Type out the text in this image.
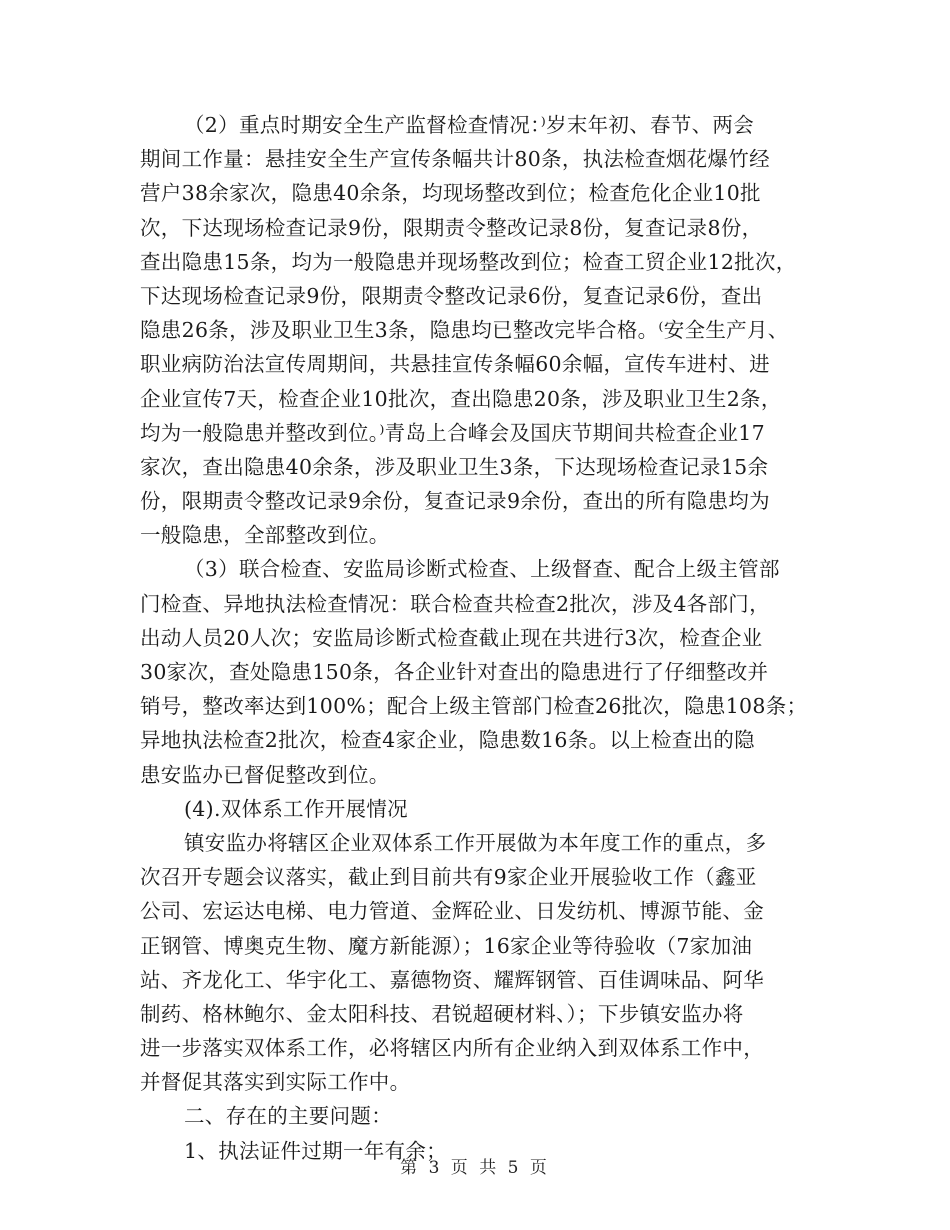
（2）重点时期安全生产监督检查情况：⁾岁末年初、春节、两会
期间工作量：悬挂安全生产宣传条幅共计80条，执法检查烟花爆竹经
营户38余家次，隐患40余条，均现场整改到位；检查危化企业10批
次，下达现场检查记录9份，限期责令整改记录8份，复查记录8份，
查出隐患15条，均为一般隐患并现场整改到位；检查工贸企业12批次，
下达现场检查记录9份，限期责令整改记录6份，复查记录6份，查出
隐患26条，涉及职业卫生3条，隐患均已整改完毕合格。⁽安全生产月、
职业病防治法宣传周期间，共悬挂宣传条幅60余幅，宣传车进村、进
企业宣传7天，检查企业10批次，查出隐患20条，涉及职业卫生2条，
均为一般隐患并整改到位。⁾青岛上合峰会及国庆节期间共检查企业17
家次，查出隐患40余条，涉及职业卫生3条，下达现场检查记录15余
份，限期责令整改记录9余份，复查记录9余份，查出的所有隐患均为
一般隐患，全部整改到位。
（3）联合检查、安监局诊断式检查、上级督查、配合上级主管部
门检查、异地执法检查情况：联合检查共检查2批次，涉及4各部门，
出动人员20人次；安监局诊断式检查截止现在共进行3次，检查企业
30家次，查处隐患150条，各企业针对查出的隐患进行了仔细整改并
销号，整改率达到100%；配合上级主管部门检查26批次，隐患108条；
异地执法检查2批次，检查4家企业，隐患数16条。以上检查出的隐
患安监办已督促整改到位。
(4).双体系工作开展情况
镇安监办将辖区企业双体系工作开展做为本年度工作的重点，多
次召开专题会议落实，截止到目前共有9家企业开展验收工作（鑫亚
公司、宏运达电梯、电力管道、金辉砼业、日发纺机、博源节能、金
正钢管、博奥克生物、魔方新能源）；16家企业等待验收（7家加油
站、齐龙化工、华宇化工、嘉德物资、耀辉钢管、百佳调味品、阿华
制药、格林鲍尔、金太阳科技、君锐超硬材料、）；下步镇安监办将
进一步落实双体系工作，必将辖区内所有企业纳入到双体系工作中，
并督促其落实到实际工作中。
二、存在的主要问题：
1、执法证件过期一年有余；
第 3 页 共 5 页
